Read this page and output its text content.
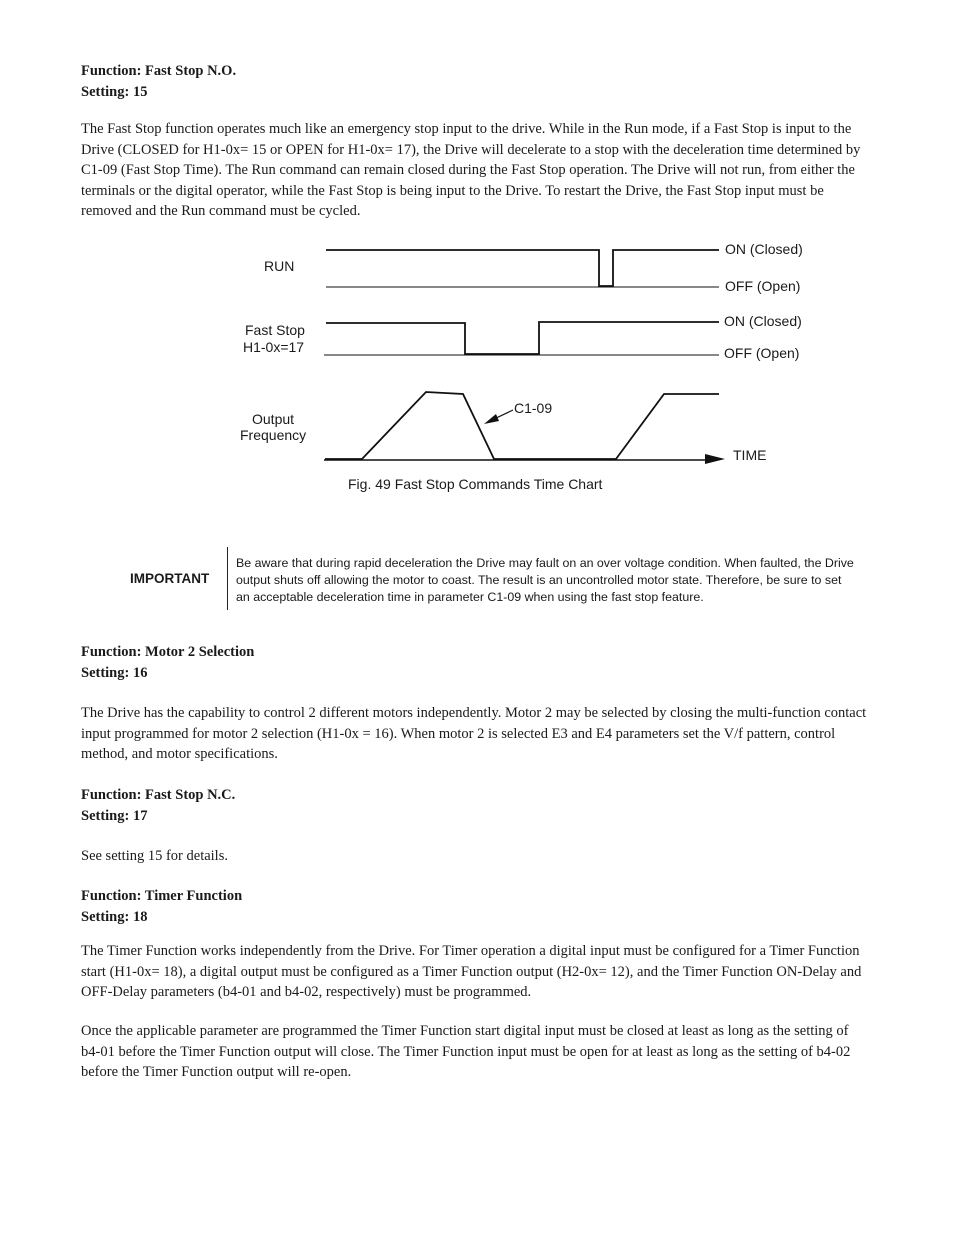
Function: Fast Stop N.O.
Setting: 15
The Fast Stop function operates much like an emergency stop input to the drive. While in the Run mode, if a Fast Stop is input to the Drive (CLOSED for H1-0x= 15 or OPEN for H1-0x= 17), the Drive will decelerate to a stop with the deceleration time determined by C1-09 (Fast Stop Time). The Run command can remain closed during the Fast Stop operation. The Drive will not run, from either the terminals or the digital operator, while the Fast Stop is being input to the Drive. To restart the Drive, the Fast Stop input must be removed and the Run command must be cycled.
RUN
ON (Closed)
OFF (Open)
Fast Stop
H1-0x=17
ON (Closed)
OFF (Open)
Output
Frequency
TIME
C1-09
Fig. 49 Fast Stop Commands Time Chart
IMPORTANT
Be aware that during rapid deceleration the Drive may fault on an over voltage condition. When faulted, the Drive output shuts off allowing the motor to coast. The result is an uncontrolled motor state. Therefore, be sure to set an acceptable deceleration time in parameter C1-09 when using the fast stop feature.
Function: Motor 2 Selection
Setting: 16
The Drive has the capability to control 2 different motors independently. Motor 2 may be selected by closing the multi-function contact input programmed for motor 2 selection (H1-0x = 16). When motor 2 is selected E3 and E4 parameters set the V/f pattern, control method, and motor specifications.
Function: Fast Stop N.C.
Setting: 17
See setting 15 for details.
Function: Timer Function
Setting: 18
The Timer Function works independently from the Drive. For Timer operation a digital input must be configured for a Timer Function start (H1-0x= 18), a digital output must be configured as a Timer Function output (H2-0x= 12), and the Timer Function ON-Delay and OFF-Delay parameters (b4-01 and b4-02, respectively) must be programmed.
Once the applicable parameter are programmed the Timer Function start digital input must be closed at least as long as the setting of b4-01 before the Timer Function output will close. The Timer Function input must be open for at least as long as the setting of b4-02 before the Timer Function output will re-open.
